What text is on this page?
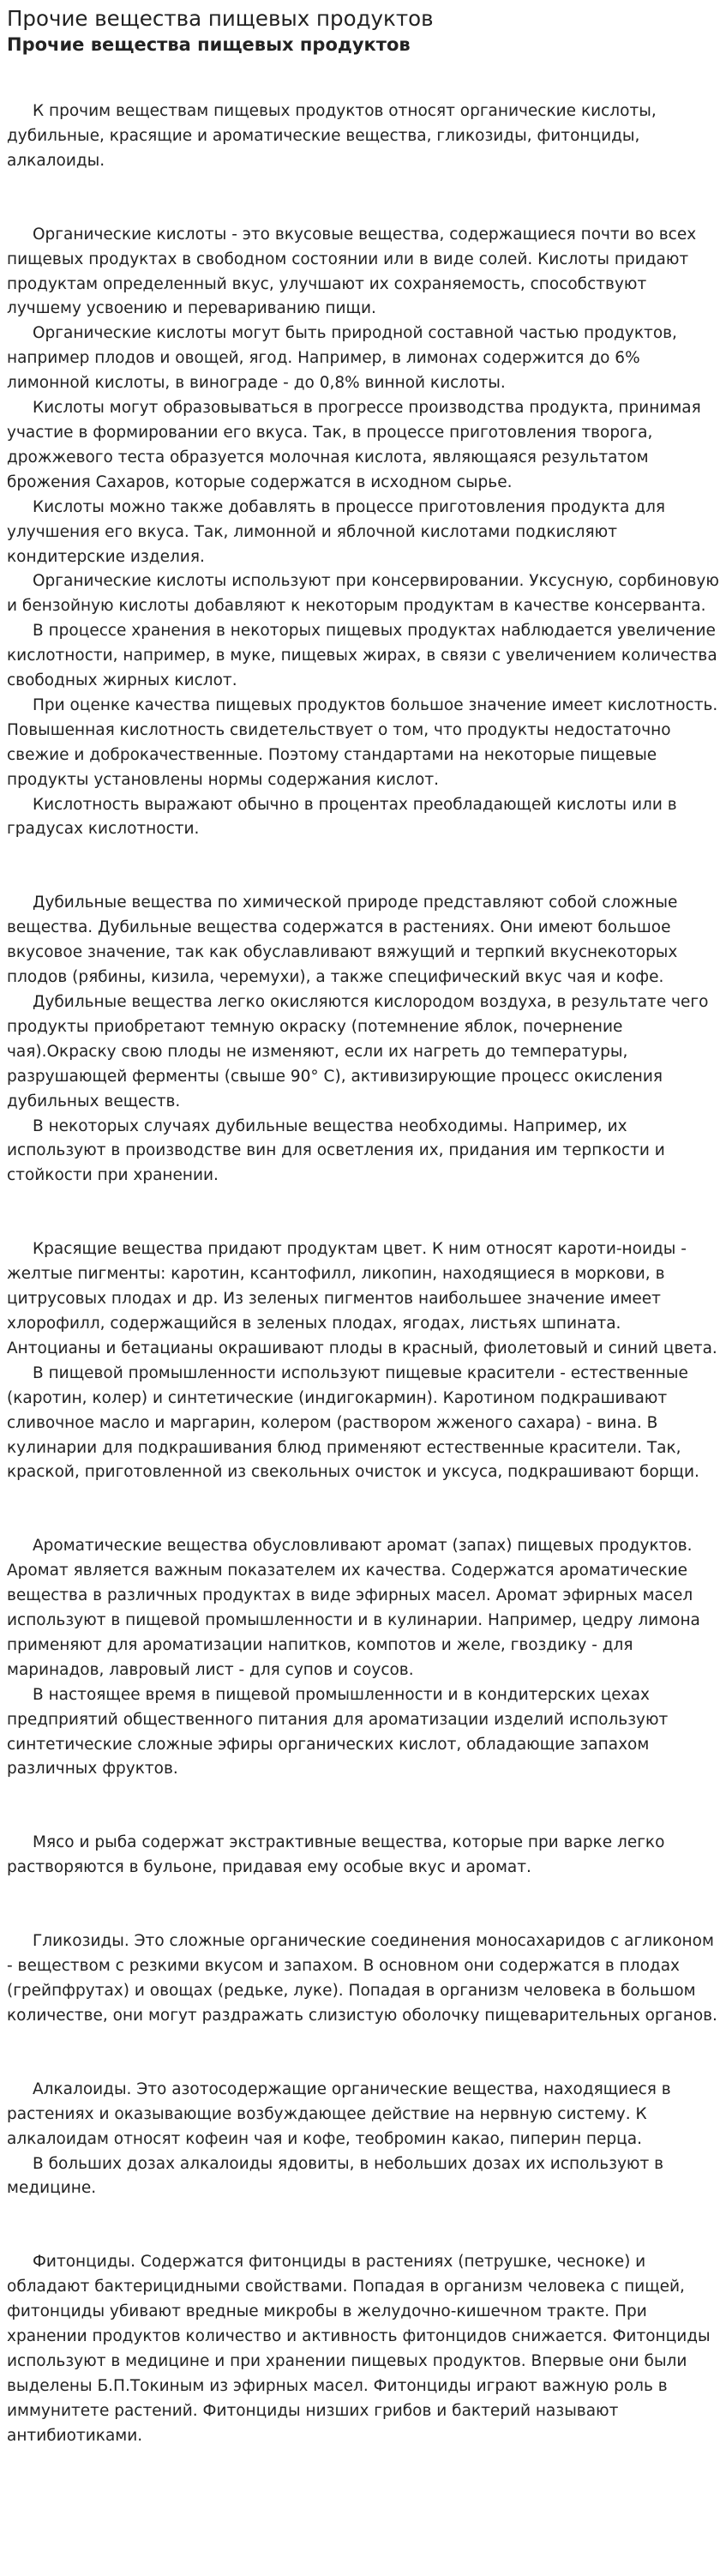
Прочие вещества пищевых продуктов
Прочие вещества пищевых продуктов

К прочим веществам пищевых продуктов относят органические кислоты, дубильные, красящие и ароматические вещества, гликозиды, фитонциды, алкалоиды.

Органические кислоты - это вкусовые вещества, содержащиеся почти во всех пищевых продуктах в свободном состоянии или в виде солей. Кислоты придают продуктам определенный вкус, улучшают их сохраняемость, способствуют лучшему усвоению и перевариванию пищи.

Органические кислоты могут быть природной составной частью продуктов, например плодов и овощей, ягод. Например, в лимонах содержится до 6% лимонной кислоты, в винограде - до 0,8% винной кислоты.

Кислоты могут образовываться в прогрессе производства продукта, принимая участие в формировании его вкуса. Так, в процессе приготовления творога, дрожжевого теста образуется молочная кислота, являющаяся результатом брожения Сахаров, которые содержатся в исходном сырье.

Кислоты можно также добавлять в процессе приготовления продукта для улучшения его вкуса. Так, лимонной и яблочной кислотами подкисляют кондитерские изделия.

Органические кислоты используют при консервировании. Уксусную, сорбиновую и бензойную кислоты добавляют к некоторым продуктам в качестве консерванта.

В процессе хранения в некоторых пищевых продуктах наблюдается увеличение кислотности, например, в муке, пищевых жирах, в связи с увеличением количества свободных жирных кислот.

При оценке качества пищевых продуктов большое значение имеет кислотность. Повышенная кислотность свидетельствует о том, что продукты недостаточно свежие и доброкачественные. Поэтому стандартами на некоторые пищевые продукты установлены нормы содержания кислот.

Кислотность выражают обычно в процентах преобладающей кислоты или в градусах кислотности.

Дубильные вещества по химической природе представляют собой сложные вещества. Дубильные вещества содержатся в растениях. Они имеют большое вкусовое значение, так как обуславливают вяжущий и терпкий вкуснекоторых плодов (рябины, кизила, черемухи), а также специфический вкус чая и кофе.

Дубильные вещества легко окисляются кислородом воздуха, в результате чего продукты приобретают темную окраску (потемнение яблок, почернение чая).Окраску свою плоды не изменяют, если их нагреть до температуры, разрушающей ферменты (свыше 90° С), активизирующие процесс окисления дубильных веществ.

В некоторых случаях дубильные вещества необходимы. Например, их используют в производстве вин для осветления их, придания им терпкости и стойкости при хранении.

Красящие вещества придают продуктам цвет. К ним относят кароти-ноиды - желтые пигменты: каротин, ксантофилл, ликопин, находящиеся в моркови, в цитрусовых плодах и др. Из зеленых пигментов наибольшее значение имеет хлорофилл, содержащийся в зеленых плодах, ягодах, листьях шпината. Антоцианы и бетацианы окрашивают плоды в красный, фиолетовый и синий цвета.

В пищевой промышленности используют пищевые красители - естественные (каротин, колер) и синтетические (индигокармин). Каротином подкрашивают сливочное масло и маргарин, колером (раствором жженого сахара) - вина. В кулинарии для подкрашивания блюд применяют естественные красители. Так, краской, приготовленной из свекольных очисток и уксуса, подкрашивают борщи.

Ароматические вещества обусловливают аромат (запах) пищевых продуктов. Аромат является важным показателем их качества. Содержатся ароматические вещества в различных продуктах в виде эфирных масел. Аромат эфирных масел используют в пищевой промышленности и в кулинарии. Например, цедру лимона применяют для ароматизации напитков, компотов и желе, гвоздику - для маринадов, лавровый лист - для супов и соусов.

В настоящее время в пищевой промышленности и в кондитерских цехах предприятий общественного питания для ароматизации изделий используют синтетические сложные эфиры органических кислот, обладающие запахом различных фруктов.

Мясо и рыба содержат экстрактивные вещества, которые при варке легко растворяются в бульоне, придавая ему особые вкус и аромат.

Гликозиды. Это сложные органические соединения моносахаридов с агликоном - веществом с резкими вкусом и запахом. В основном они содержатся в плодах (грейпфрутах) и овощах (редьке, луке). Попадая в организм человека в большом количестве, они могут раздражать слизистую оболочку пищеварительных органов.

Алкалоиды. Это азотосодержащие органические вещества, находящиеся в растениях и оказывающие возбуждающее действие на нервную систему. К алкалоидам относят кофеин чая и кофе, теобромин какао, пиперин перца.

В больших дозах алкалоиды ядовиты, в небольших дозах их используют в медицине.

Фитонциды. Содержатся фитонциды в растениях (петрушке, чесноке) и обладают бактерицидными свойствами. Попадая в организм человека с пищей, фитонциды убивают вредные микробы в желудочно-кишечном тракте. При хранении продуктов количество и активность фитонцидов снижается. Фитонциды используют в медицине и при хранении пищевых продуктов. Впервые они были выделены Б.П.Токиным из эфирных масел. Фитонциды играют важную роль в иммунитете растений. Фитонциды низших грибов и бактерий называют антибиотиками.
